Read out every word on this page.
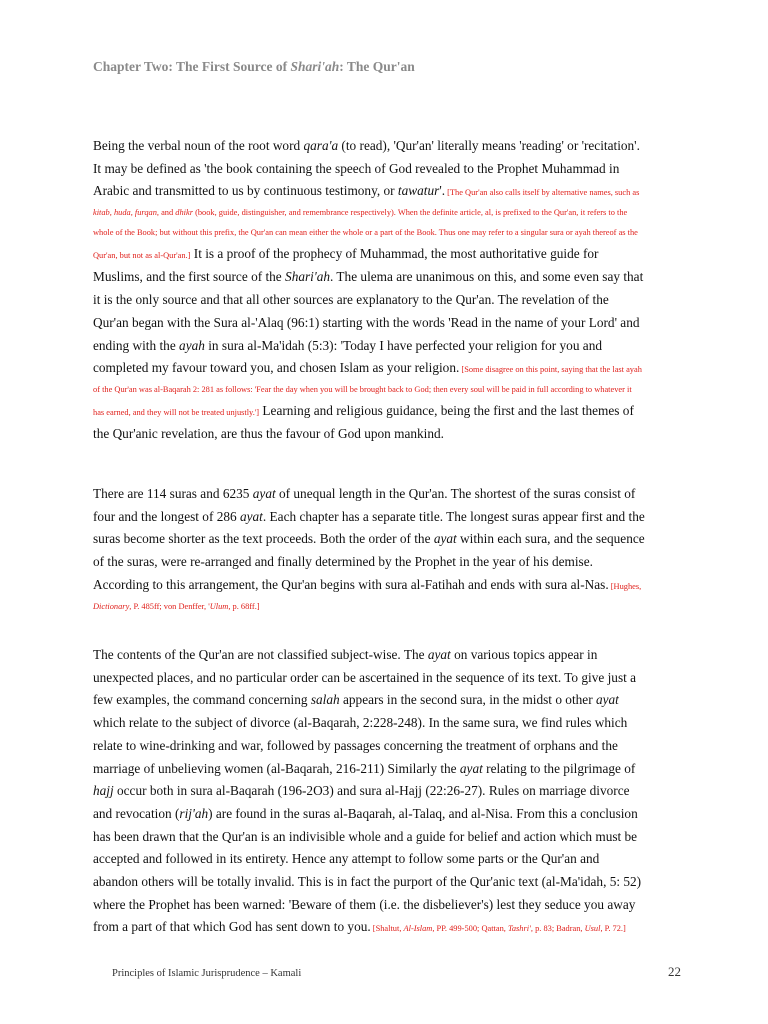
Chapter Two: The First Source of Shari'ah: The Qur'an
Being the verbal noun of the root word qara'a (to read), 'Qur'an' literally means 'reading' or 'recitation'.
It may be defined as 'the book containing the speech of God revealed to the Prophet Muhammad in
Arabic and transmitted to us by continuous testimony, or tawatur'. [The Qur'an also calls itself by alternative names, such as
kitab, huda, furqan, and dhikr (book, guide, distinguisher, and remembrance respectively). When the definite article, al, is prefixed to the Qur'an, it refers to the
whole of the Book; but without this prefix, the Qur'an can mean either the whole or a part of the Book. Thus one may refer to a singular sura or ayah thereof as the
Qur'an, but not as al-Qur'an.] It is a proof of the prophecy of Muhammad, the most authoritative guide for
Muslims, and the first source of the Shari'ah. The ulema are unanimous on this, and some even say that
it is the only source and that all other sources are explanatory to the Qur'an. The revelation of the
Qur'an began with the Sura al-'Alaq (96:1) starting with the words 'Read in the name of your Lord' and
ending with the ayah in sura al-Ma'idah (5:3): 'Today I have perfected your religion for you and
completed my favour toward you, and chosen Islam as your religion. [Some disagree on this point, saying that the last ayah
of the Qur'an was al-Baqarah 2: 281 as follows: 'Fear the day when you will be brought back to God; then every soul will be paid in full according to whatever it
has earned, and they will not be treated unjustly.'] Learning and religious guidance, being the first and the last themes of
the Qur'anic revelation, are thus the favour of God upon mankind.
There are 114 suras and 6235 ayat of unequal length in the Qur'an. The shortest of the suras consist of
four and the longest of 286 ayat. Each chapter has a separate title. The longest suras appear first and the
suras become shorter as the text proceeds. Both the order of the ayat within each sura, and the sequence
of the suras, were re-arranged and finally determined by the Prophet in the year of his demise.
According to this arrangement, the Qur'an begins with sura al-Fatihah and ends with sura al-Nas. [Hughes,
Dictionary, P. 485ff; von Denffer, 'Ulum, p. 68ff.]
The contents of the Qur'an are not classified subject-wise. The ayat on various topics appear in
unexpected places, and no particular order can be ascertained in the sequence of its text. To give just a
few examples, the command concerning salah appears in the second sura, in the midst o other ayat
which relate to the subject of divorce (al-Baqarah, 2:228-248). In the same sura, we find rules which
relate to wine-drinking and war, followed by passages concerning the treatment of orphans and the
marriage of unbelieving women (al-Baqarah, 216-211) Similarly the ayat relating to the pilgrimage of
hajj occur both in sura al-Baqarah (196-2O3) and sura al-Hajj (22:26-27). Rules on marriage divorce
and revocation (rij'ah) are found in the suras al-Baqarah, al-Talaq, and al-Nisa. From this a conclusion
has been drawn that the Qur'an is an indivisible whole and a guide for belief and action which must be
accepted and followed in its entirety. Hence any attempt to follow some parts or the Qur'an and
abandon others will be totally invalid. This is in fact the purport of the Qur'anic text (al-Ma'idah, 5: 52)
where the Prophet has been warned: 'Beware of them (i.e. the disbeliever's) lest they seduce you away
from a part of that which God has sent down to you. [Shaltut, Al-Islam, PP. 499-500; Qattan, Tashri', p. 83; Badran, Usul, P. 72.]
Principles of Islamic Jurisprudence – Kamali	22
